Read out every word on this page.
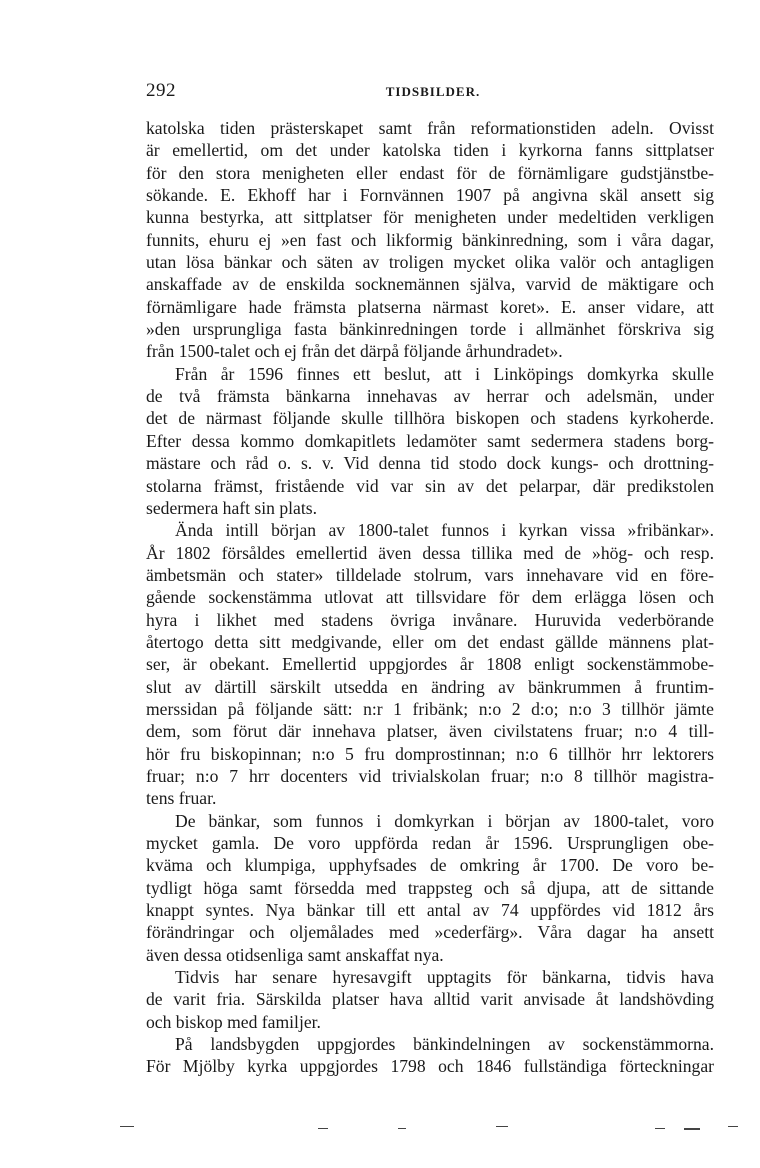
292	TIDSBILDER.
katolska tiden prästerskapet samt från reformationstiden adeln. Ovisst
är emellertid, om det under katolska tiden i kyrkorna fanns sittplatser
för den stora menigheten eller endast för de förnämligare gudstjänstbe-
sökande. E. Ekhoff har i Fornvännen 1907 på angivna skäl ansett sig
kunna bestyrka, att sittplatser för menigheten under medeltiden verkligen
funnits, ehuru ej »en fast och likformig bänkinredning, som i våra dagar,
utan lösa bänkar och säten av troligen mycket olika valör och antagligen
anskaffade av de enskilda socknemännen själva, varvid de mäktigare och
förnämligare hade främsta platserna närmast koret». E. anser vidare, att
»den ursprungliga fasta bänkinredningen torde i allmänhet förskriva sig
från 1500-talet och ej från det därpå följande århundradet».
Från år 1596 finnes ett beslut, att i Linköpings domkyrka skulle
de två främsta bänkarna innehavas av herrar och adelsmän, under
det de närmast följande skulle tillhöra biskopen och stadens kyrkoherde.
Efter dessa kommo domkapitlets ledamöter samt sedermera stadens borg-
mästare och råd o. s. v. Vid denna tid stodo dock kungs- och drottning-
stolarna främst, fristående vid var sin av det pelarpar, där predikstolen
sedermera haft sin plats.
Ända intill början av 1800-talet funnos i kyrkan vissa »fribänkar».
År 1802 försåldes emellertid även dessa tillika med de »hög- och resp.
ämbetsmän och stater» tilldelade stolrum, vars innehavare vid en före-
gående sockenstämma utlovat att tillsvidare för dem erlägga lösen och
hyra i likhet med stadens övriga invånare. Huruvida vederbörande
återtogo detta sitt medgivande, eller om det endast gällde männens plat-
ser, är obekant. Emellertid uppgjordes år 1808 enligt sockenstämmobe-
slut av därtill särskilt utsedda en ändring av bänkrummen å fruntim-
merssidan på följande sätt: n:r 1 fribänk; n:o 2 d:o; n:o 3 tillhör jämte
dem, som förut där innehava platser, även civilstatens fruar; n:o 4 till-
hör fru biskopinnan; n:o 5 fru domprostinnan; n:o 6 tillhör hrr lektorers
fruar; n:o 7 hrr docenters vid trivialskolan fruar; n:o 8 tillhör magistra-
tens fruar.
De bänkar, som funnos i domkyrkan i början av 1800-talet, voro
mycket gamla. De voro uppförda redan år 1596. Ursprungligen obe-
kväma och klumpiga, upphyfsades de omkring år 1700. De voro be-
tydligt höga samt försedda med trappsteg och så djupa, att de sittande
knappt syntes. Nya bänkar till ett antal av 74 uppfördes vid 1812 års
förändringar och oljemålades med »cederfärg». Våra dagar ha ansett
även dessa otidsenliga samt anskaffat nya.
Tidvis har senare hyresavgift upptagits för bänkarna, tidvis hava
de varit fria. Särskilda platser hava alltid varit anvisade åt landshövding
och biskop med familjer.
På landsbygden uppgjordes bänkindelningen av sockenstämmorna.
För Mjölby kyrka uppgjordes 1798 och 1846 fullständiga förteckningar
